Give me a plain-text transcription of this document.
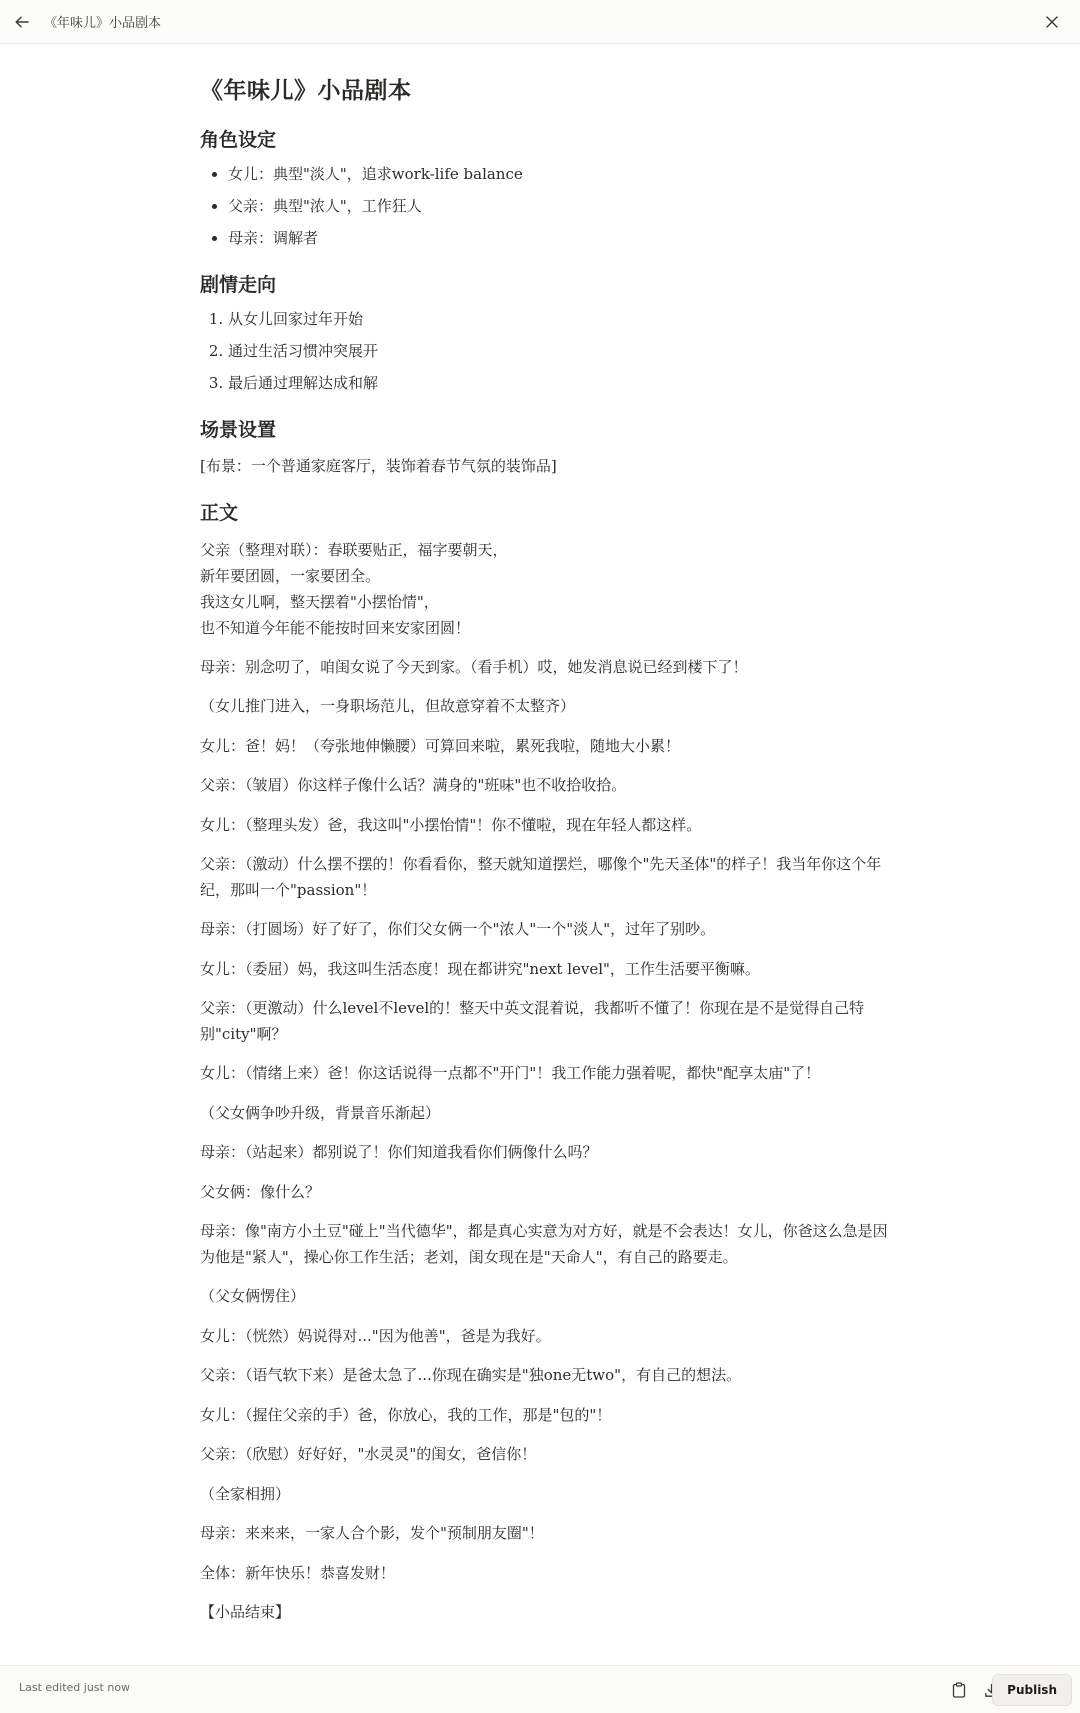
《年味儿》小品剧本
《年味儿》小品剧本
角色设定
• 女儿：典型"淡人"，追求work-life balance
• 父亲：典型"浓人"，工作狂人
• 母亲：调解者
剧情走向
1. 从女儿回家过年开始
2. 通过生活习惯冲突展开
3. 最后通过理解达成和解
场景设置

[布景：一个普通家庭客厅，装饰着春节气氛的装饰品]

正文
父亲（整理对联）：春联要贴正，福字要朝天，
新年要团圆，一家要团全。
我这女儿啊，整天摆着"小摆怡情"，
也不知道今年能不能按时回来安家团圆！

母亲：别念叨了，咱闺女说了今天到家。（看手机）哎，她发消息说已经到楼下了！

（女儿推门进入，一身职场范儿，但故意穿着不太整齐）

女儿：爸！妈！（夸张地伸懒腰）可算回来啦，累死我啦，随地大小累！

父亲：（皱眉）你这样子像什么话？满身的"班味"也不收拾收拾。

女儿：（整理头发）爸，我这叫"小摆怡情"！你不懂啦，现在年轻人都这样。

父亲：（激动）什么摆不摆的！你看看你，整天就知道摆烂，哪像个"先天圣体"的样子！我当年你这个年纪，那叫一个"passion"！

母亲：（打圆场）好了好了，你们父女俩一个"浓人"一个"淡人"，过年了别吵。

女儿：（委屈）妈，我这叫生活态度！现在都讲究"next level"，工作生活要平衡嘛。

父亲：（更激动）什么level不level的！整天中英文混着说，我都听不懂了！你现在是不是觉得自己特别"city"啊？

女儿：（情绪上来）爸！你这话说得一点都不"开门"！我工作能力强着呢，都快"配享太庙"了！

（父女俩争吵升级，背景音乐渐起）

母亲：（站起来）都别说了！你们知道我看你们俩像什么吗？

父女俩：像什么？

母亲：像"南方小土豆"碰上"当代德华"，都是真心实意为对方好，就是不会表达！女儿，你爸这么急是因为他是"紧人"，操心你工作生活；老刘，闺女现在是"天命人"，有自己的路要走。

（父女俩愣住）

女儿：（恍然）妈说得对..."因为他善"，爸是为我好。

父亲：（语气软下来）是爸太急了...你现在确实是"独one无two"，有自己的想法。

女儿：（握住父亲的手）爸，你放心，我的工作，那是"包的"！

父亲：（欣慰）好好好，"水灵灵"的闺女，爸信你！

（全家相拥）

母亲：来来来，一家人合个影，发个"预制朋友圈"！

全体：新年快乐！恭喜发财！

【小品结束】

Last edited just now	Publish
